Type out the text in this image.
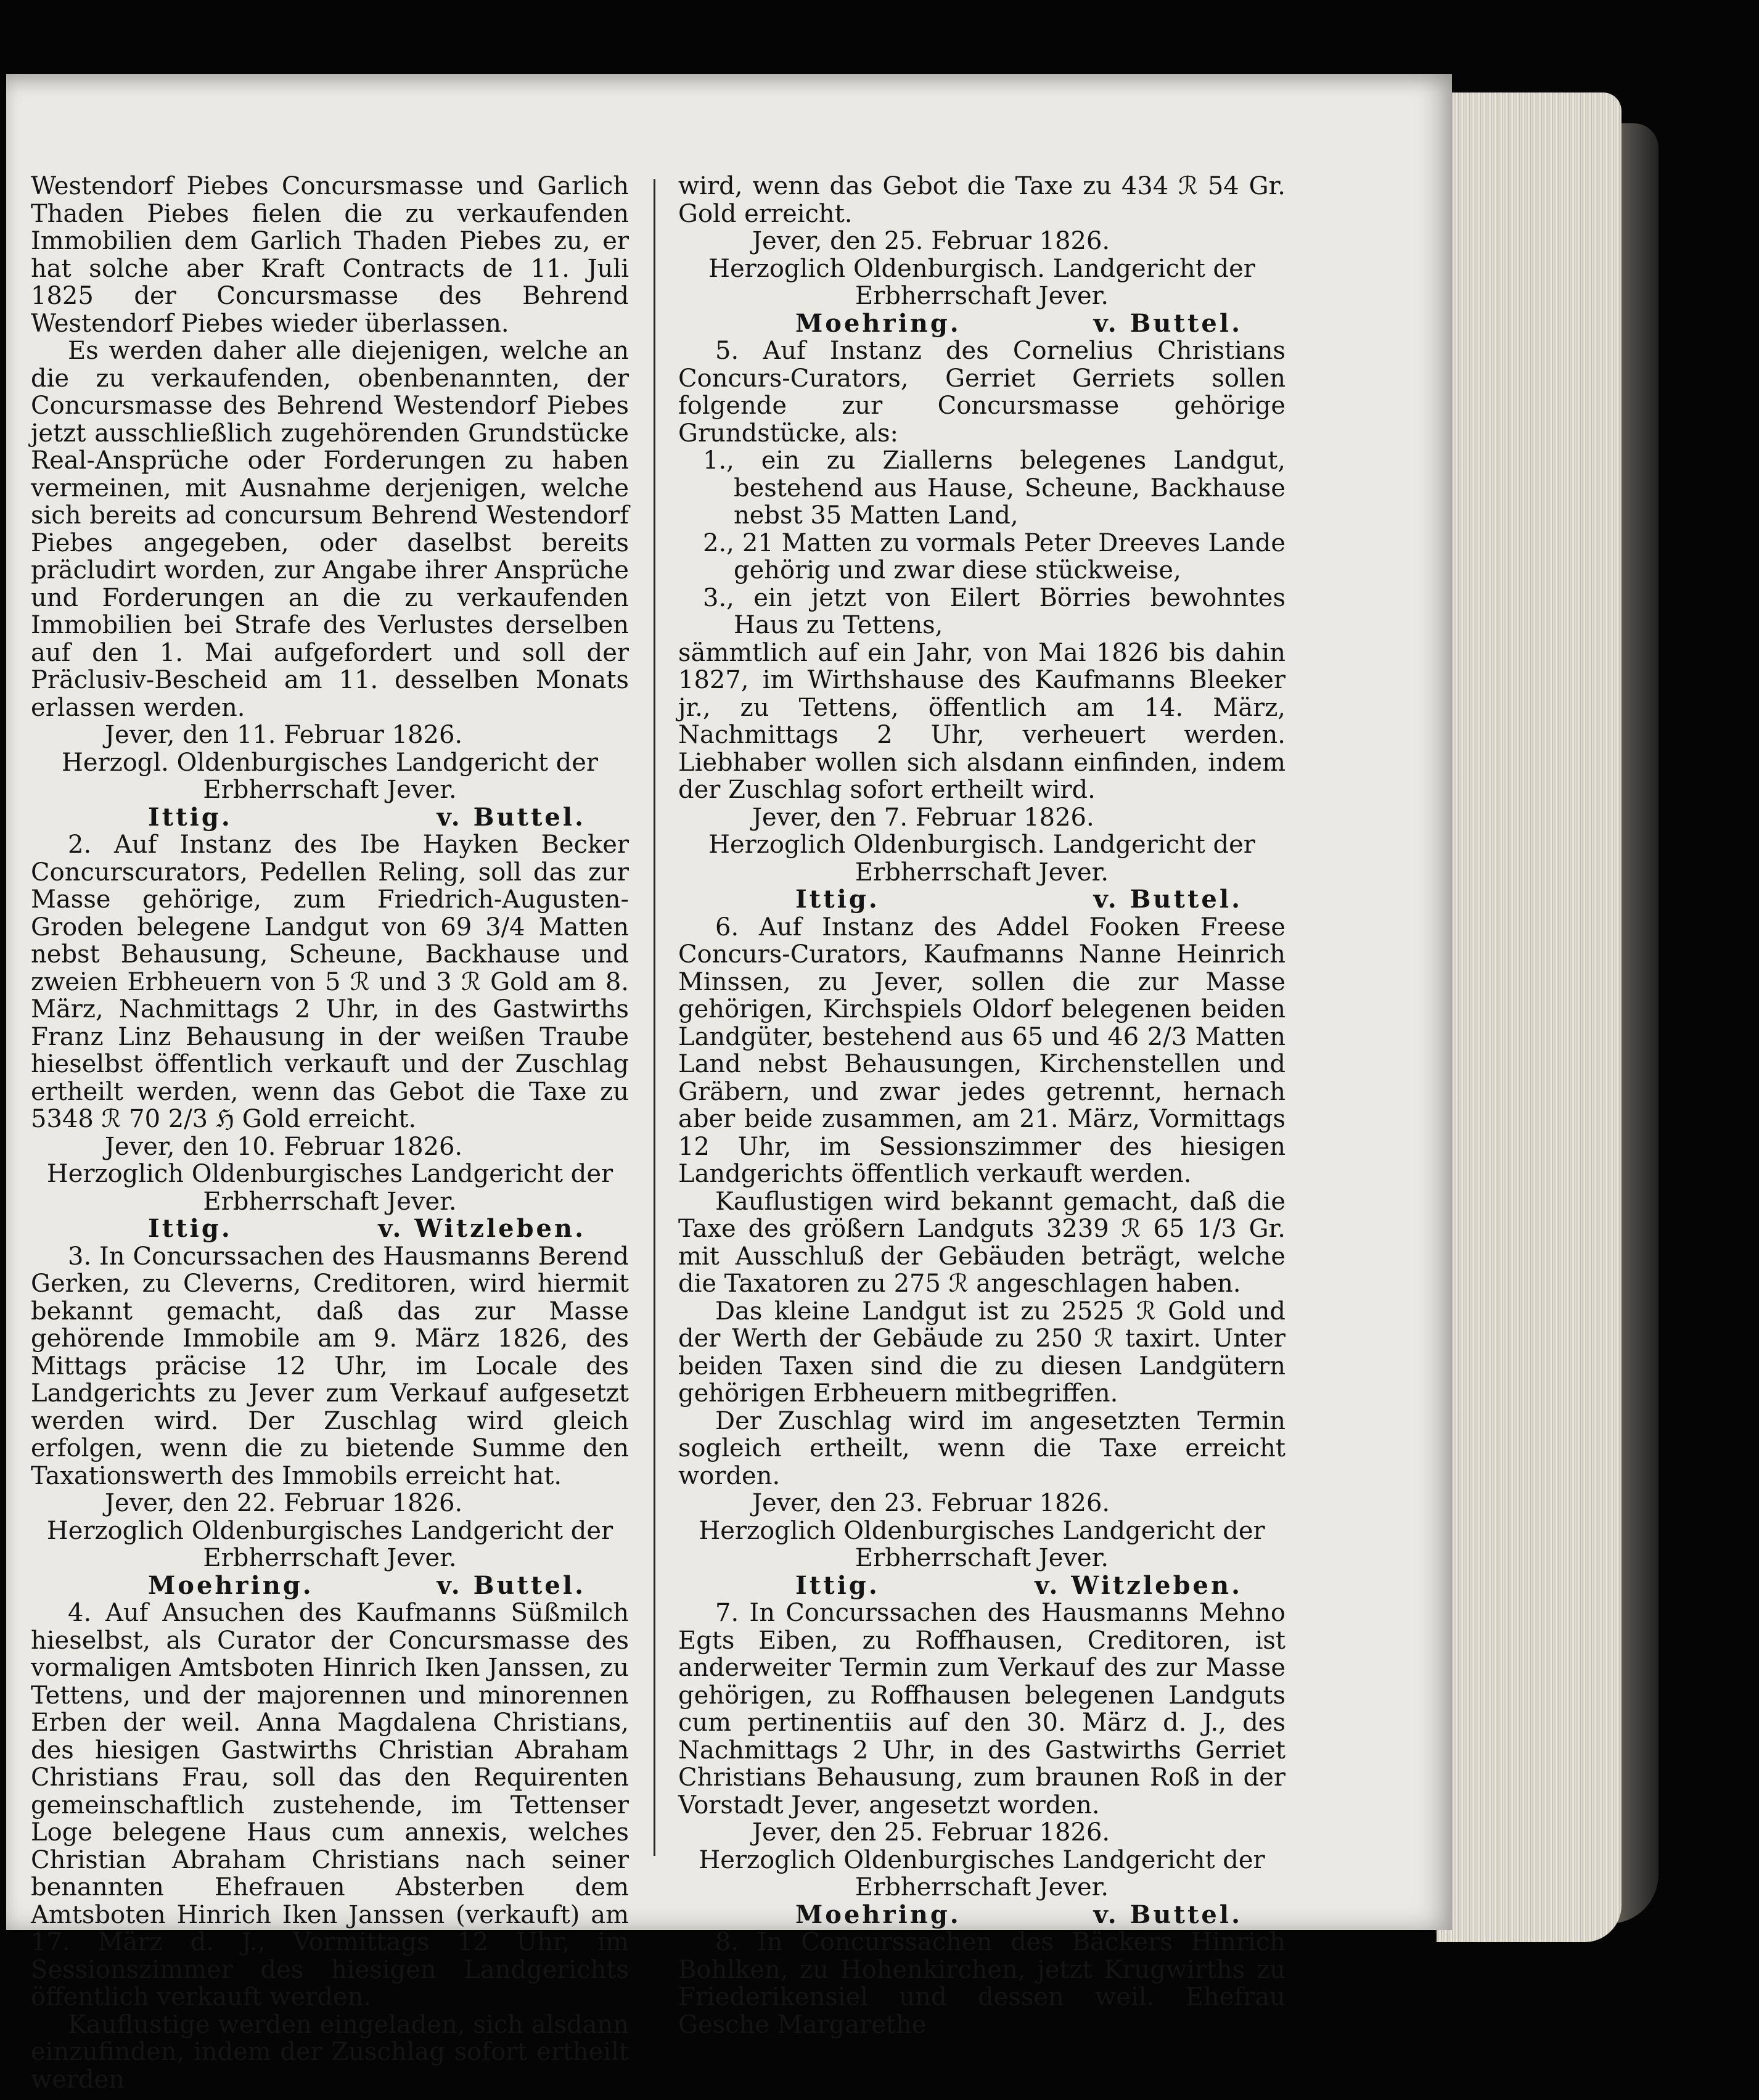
Westendorf Piebes Concursmasse und Garlich Thaden Piebes fielen die zu verkaufenden Immobilien dem Garlich Thaden Piebes zu, er hat solche aber Kraft Contracts de 11. Juli 1825 der Concursmasse des Behrend Westendorf Piebes wieder überlassen.

Es werden daher alle diejenigen, welche an die zu verkaufenden, obenbenannten, der Concursmasse des Behrend Westendorf Piebes jetzt ausschließlich zugehörenden Grundstücke Real-Ansprüche oder Forderungen zu haben vermeinen, mit Ausnahme derjenigen, welche sich bereits ad concursum Behrend Westendorf Piebes angegeben, oder daselbst bereits präcludirt worden, zur Angabe ihrer Ansprüche und Forderungen an die zu verkaufenden Immobilien bei Strafe des Verlustes derselben auf den 1. Mai aufgefordert und soll der Präclusiv-Bescheid am 11. desselben Monats erlassen werden.

Jever, den 11. Februar 1826.

Herzogl. Oldenburgisches Landgericht der

Erbherrschaft Jever.

Ittig.	v. Buttel.

2. Auf Instanz des Ibe Hayken Becker Concurscurators, Pedellen Reling, soll das zur Masse gehörige, zum Friedrich-Augusten-Groden belegene Landgut von 69 3/4 Matten nebst Behausung, Scheune, Backhause und zweien Erbheuern von 5 ℛ und 3 ℛ Gold am 8. März, Nachmittags 2 Uhr, in des Gastwirths Franz Linz Behausung in der weißen Traube hieselbst öffentlich verkauft und der Zuschlag ertheilt werden, wenn das Gebot die Taxe zu 5348 ℛ 70 2/3 ℌ Gold erreicht.

Jever, den 10. Februar 1826.

Herzoglich Oldenburgisches Landgericht der

Erbherrschaft Jever.

Ittig.	v. Witzleben.

3. In Concurssachen des Hausmanns Berend Gerken, zu Cleverns, Creditoren, wird hiermit bekannt gemacht, daß das zur Masse gehörende Immobile am 9. März 1826, des Mittags präcise 12 Uhr, im Locale des Landgerichts zu Jever zum Verkauf aufgesetzt werden wird. Der Zuschlag wird gleich erfolgen, wenn die zu bietende Summe den Taxationswerth des Immobils erreicht hat.

Jever, den 22. Februar 1826.

Herzoglich Oldenburgisches Landgericht der

Erbherrschaft Jever.

Moehring.	v. Buttel.

4. Auf Ansuchen des Kaufmanns Süßmilch hieselbst, als Curator der Concursmasse des vormaligen Amtsboten Hinrich Iken Janssen, zu Tettens, und der majorennen und minorennen Erben der weil. Anna Magdalena Christians, des hiesigen Gastwirths Christian Abraham Christians Frau, soll das den Requirenten gemeinschaftlich zustehende, im Tettenser Loge belegene Haus cum annexis, welches Christian Abraham Christians nach seiner benannten Ehefrauen Absterben dem Amtsboten Hinrich Iken Janssen (verkauft) am 17. März d. J., Vormittags 12 Uhr, im Sessionszimmer des hiesigen Landgerichts öffentlich verkauft werden.

Kauflustige werden eingeladen, sich alsdann einzufinden, indem der Zuschlag sofort ertheilt werden

wird, wenn das Gebot die Taxe zu 434 ℛ 54 Gr. Gold erreicht.

Jever, den 25. Februar 1826.

Herzoglich Oldenburgisch. Landgericht der

Erbherrschaft Jever.

Moehring.	v. Buttel.

5. Auf Instanz des Cornelius Christians Concurs-Curators, Gerriet Gerriets sollen folgende zur Concursmasse gehörige Grundstücke, als:

1., ein zu Ziallerns belegenes Landgut, bestehend aus Hause, Scheune, Backhause nebst 35 Matten Land,

2., 21 Matten zu vormals Peter Dreeves Lande gehörig und zwar diese stückweise,

3., ein jetzt von Eilert Börries bewohntes Haus zu Tettens,

sämmtlich auf ein Jahr, von Mai 1826 bis dahin 1827, im Wirthshause des Kaufmanns Bleeker jr., zu Tettens, öffentlich am 14. März, Nachmittags 2 Uhr, verheuert werden. Liebhaber wollen sich alsdann einfinden, indem der Zuschlag sofort ertheilt wird.

Jever, den 7. Februar 1826.

Herzoglich Oldenburgisch. Landgericht der

Erbherrschaft Jever.

Ittig.	v. Buttel.

6. Auf Instanz des Addel Fooken Freese Concurs-Curators, Kaufmanns Nanne Heinrich Minssen, zu Jever, sollen die zur Masse gehörigen, Kirchspiels Oldorf belegenen beiden Landgüter, bestehend aus 65 und 46 2/3 Matten Land nebst Behausungen, Kirchenstellen und Gräbern, und zwar jedes getrennt, hernach aber beide zusammen, am 21. März, Vormittags 12 Uhr, im Sessionszimmer des hiesigen Landgerichts öffentlich verkauft werden.

Kauflustigen wird bekannt gemacht, daß die Taxe des größern Landguts 3239 ℛ 65 1/3 Gr. mit Ausschluß der Gebäuden beträgt, welche die Taxatoren zu 275 ℛ angeschlagen haben.

Das kleine Landgut ist zu 2525 ℛ Gold und der Werth der Gebäude zu 250 ℛ taxirt. Unter beiden Taxen sind die zu diesen Landgütern gehörigen Erbheuern mitbegriffen.

Der Zuschlag wird im angesetzten Termin sogleich ertheilt, wenn die Taxe erreicht worden.

Jever, den 23. Februar 1826.

Herzoglich Oldenburgisches Landgericht der

Erbherrschaft Jever.

Ittig.	v. Witzleben.

7. In Concurssachen des Hausmanns Mehno Egts Eiben, zu Roffhausen, Creditoren, ist anderweiter Termin zum Verkauf des zur Masse gehörigen, zu Roffhausen belegenen Landguts cum pertinentiis auf den 30. März d. J., des Nachmittags 2 Uhr, in des Gastwirths Gerriet Christians Behausung, zum braunen Roß in der Vorstadt Jever, angesetzt worden.

Jever, den 25. Februar 1826.

Herzoglich Oldenburgisches Landgericht der

Erbherrschaft Jever.

Moehring.	v. Buttel.

8. In Concurssachen des Bäckers Hinrich Bohlken, zu Hohenkirchen, jetzt Krugwirths zu Friederikensiel und dessen weil. Ehefrau Gesche Margarethe
